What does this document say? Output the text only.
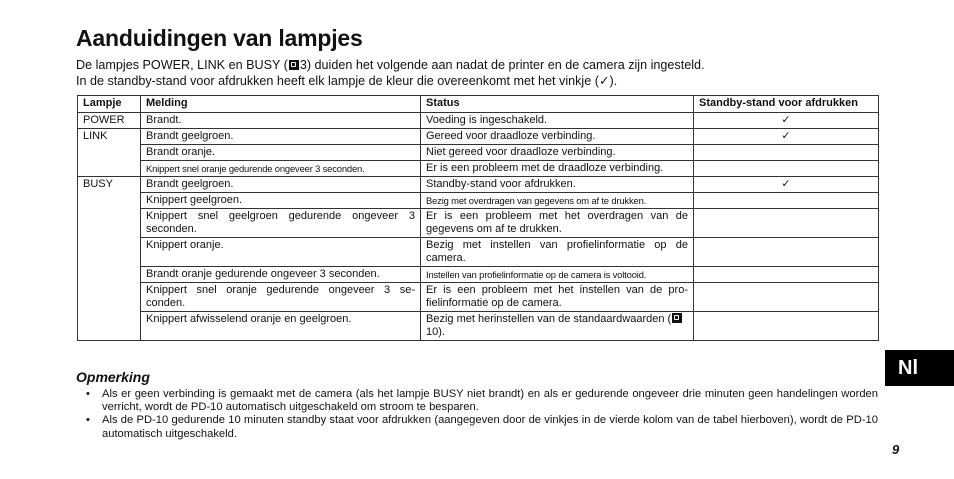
Aanduidingen van lampjes

De lampjes POWER, LINK en BUSY ( 3) duiden het volgende aan nadat de printer en de camera zijn ingesteld.

In de standby-stand voor afdrukken heeft elk lampje de kleur die overeenkomt met het vinkje (✓).

Lampje	Melding	Status	Standby-stand voor afdrukken
POWER	Brandt.	Voeding is ingeschakeld.	✓
LINK	Brandt geelgroen.	Gereed voor draadloze verbinding.	✓
	Brandt oranje.	Niet gereed voor draadloze verbinding.	
	Knippert snel oranje gedurende ongeveer 3 seconden.	Er is een probleem met de draadloze verbinding.	
BUSY	Brandt geelgroen.	Standby-stand voor afdrukken.	✓
	Knippert geelgroen.	Bezig met overdragen van gegevens om af te drukken.	
	Knippert snel geelgroen gedurende ongeveer 3 seconden.	Er is een probleem met het overdragen van de gegevens om af te drukken.	
	Knippert oranje.	Bezig met instellen van profielinformatie op de camera.	
	Brandt oranje gedurende ongeveer 3 seconden.	Instellen van profielinformatie op de camera is voltooid.	
	Knippert snel oranje gedurende ongeveer 3 se-conden.	Er is een probleem met het instellen van de pro-fielinformatie op de camera.	
	Knippert afwisselend oranje en geelgroen.	Bezig met herinstellen van de standaardwaarden (10).	
Opmerking
• Als er geen verbinding is gemaakt met de camera (als het lampje BUSY niet brandt) en als er gedurende ongeveer drie minuten geen handelingen worden verricht, wordt de PD-10 automatisch uitgeschakeld om stroom te besparen.
• Als de PD-10 gedurende 10 minuten standby staat voor afdrukken (aangegeven door de vinkjes in de vierde kolom van de tabel hierboven), wordt de PD-10 automatisch uitgeschakeld.
Nl
9
